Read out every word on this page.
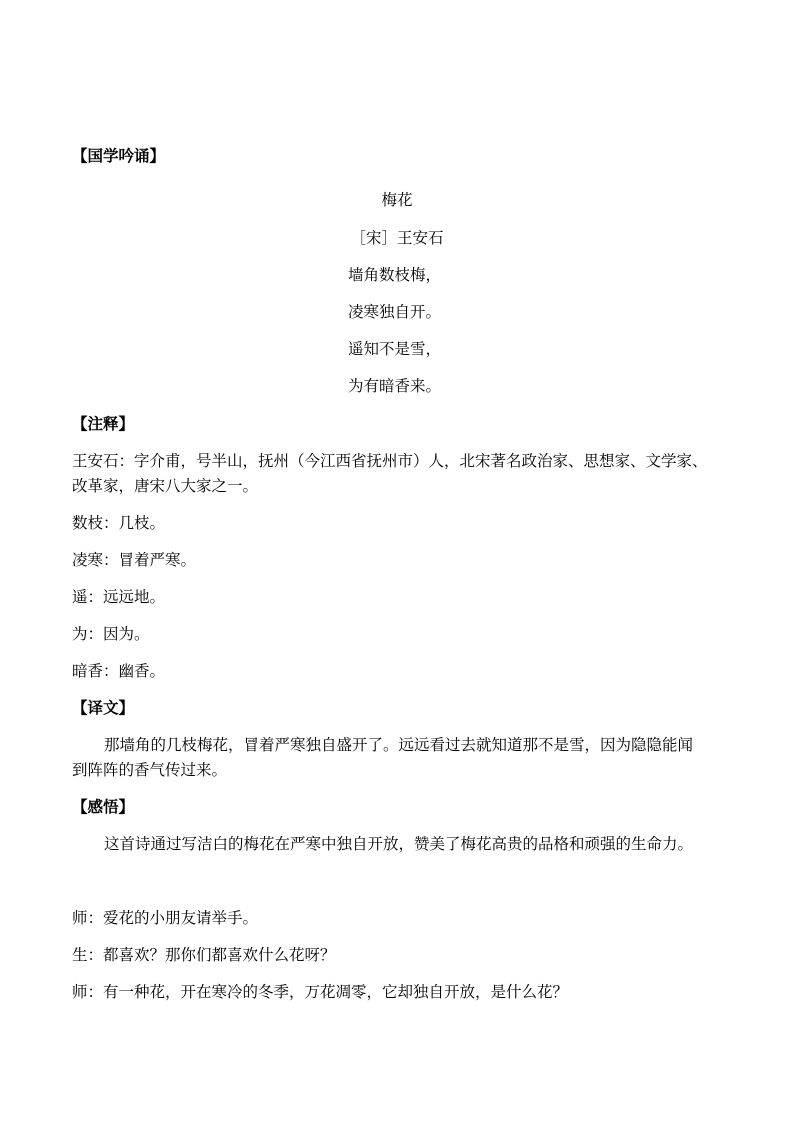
【国学吟诵】
梅花
［宋］王安石
墙角数枝梅，
凌寒独自开。
遥知不是雪，
为有暗香来。
【注释】
王安石：字介甫，号半山，抚州（今江西省抚州市）人，北宋著名政治家、思想家、文学家、
改革家，唐宋八大家之一。
数枝：几枝。
凌寒：冒着严寒。
遥：远远地。
为：因为。
暗香：幽香。
【译文】
那墙角的几枝梅花，冒着严寒独自盛开了。远远看过去就知道那不是雪，因为隐隐能闻
到阵阵的香气传过来。
【感悟】
这首诗通过写洁白的梅花在严寒中独自开放，赞美了梅花高贵的品格和顽强的生命力。
师：爱花的小朋友请举手。
生：都喜欢？那你们都喜欢什么花呀？
师：有一种花，开在寒冷的冬季，万花凋零，它却独自开放，是什么花？
